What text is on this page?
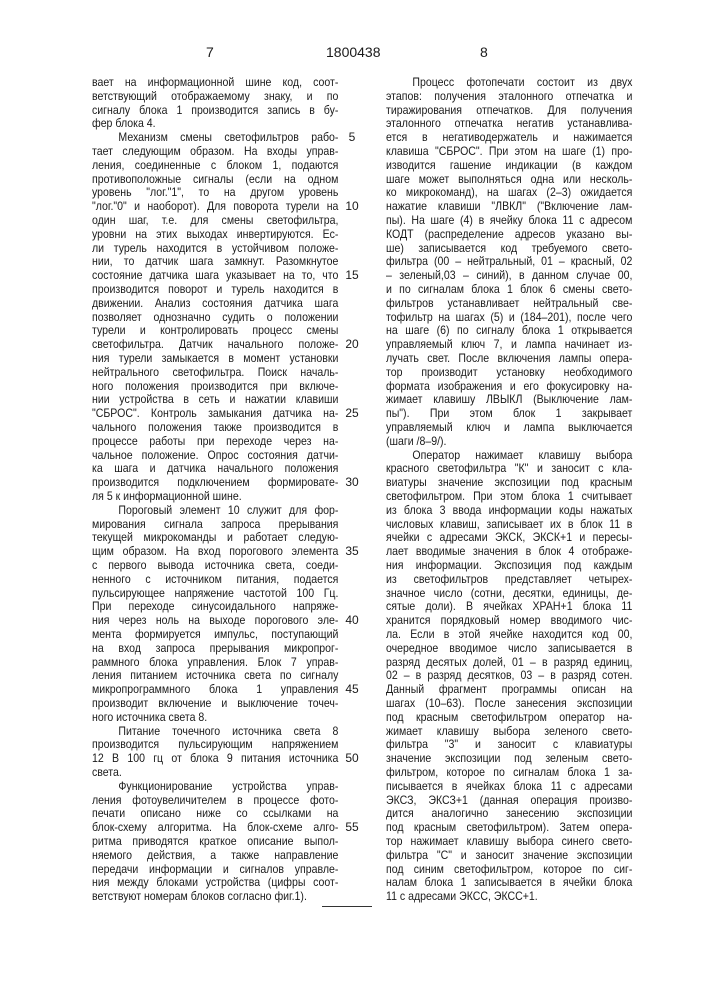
7	1800438	8
вает на информационной шине код, соот-
ветствующий отображаемому знаку, и по
сигналу блока 1 производится запись в бу-
фер блока 4.
Механизм смены светофильтров рабо-
тает следующим образом. На входы управ-
ления, соединенные с блоком 1, подаются
противоположные сигналы (если на одном
уровень "лог."1", то на другом уровень
"лог."0" и наоборот). Для поворота турели на
один шаг, т.е. для смены светофильтра,
уровни на этих выходах инвертируются. Ес-
ли турель находится в устойчивом положе-
нии, то датчик шага замкнут. Разомкнутое
состояние датчика шага указывает на то, что
производится поворот и турель находится в
движении. Анализ состояния датчика шага
позволяет однозначно судить о положении
турели и контролировать процесс смены
светофильтра. Датчик начального положе-
ния турели замыкается в момент установки
нейтрального светофильтра. Поиск началь-
ного положения производится при включе-
нии устройства в сеть и нажатии клавиши
"СБРОС". Контроль замыкания датчика на-
чального положения также производится в
процессе работы при переходе через на-
чальное положение. Опрос состояния датчи-
ка шага и датчика начального положения
производится подключением формировате-
ля 5 к информационной шине.
Пороговый элемент 10 служит для фор-
мирования сигнала запроса прерывания
текущей микрокоманды и работает следую-
щим образом. На вход порогового элемента
с первого вывода источника света, соеди-
ненного с источником питания, подается
пульсирующее напряжение частотой 100 Гц.
При переходе синусоидального напряже-
ния через ноль на выходе порогового эле-
мента формируется импульс, поступающий
на вход запроса прерывания микропрог-
раммного блока управления. Блок 7 управ-
ления питанием источника света по сигналу
микропрограммного блока 1 управления
производит включение и выключение точеч-
ного источника света 8.
Питание точечного источника света 8
производится пульсирующим напряжением
12 В 100 гц от блока 9 питания источника
света.
Функционирование устройства управ-
ления фотоувеличителем в процессе фото-
печати описано ниже со ссылками на
блок-схему алгоритма. На блок-схеме алго-
ритма приводятся краткое описание выпол-
няемого действия, а также направление
передачи информации и сигналов управле-
ния между блоками устройства (цифры соот-
ветствуют номерам блоков согласно фиг.1).
Процесс фотопечати состоит из двух
этапов: получения эталонного отпечатка и
тиражирования отпечатков. Для получения
эталонного отпечатка негатив устанавлива-
ется в негативодержатель и нажимается
клавиша "СБРОС". При этом на шаге (1) про-
изводится гашение индикации (в каждом
шаге может выполняться одна или несколь-
ко микрокоманд), на шагах (2–3) ожидается
нажатие клавиши "ЛВКЛ" ("Включение лам-
пы). На шаге (4) в ячейку блока 11 с адресом
КОДТ (распределение адресов указано вы-
ше) записывается код требуемого свето-
фильтра (00 – нейтральный, 01 – красный, 02
– зеленый,03 – синий), в данном случае 00,
и по сигналам блока 1 блок 6 смены свето-
фильтров устанавливает нейтральный све-
тофильтр на шагах (5) и (184–201), после чего
на шаге (6) по сигналу блока 1 открывается
управляемый ключ 7, и лампа начинает из-
лучать свет. После включения лампы опера-
тор производит установку необходимого
формата изображения и его фокусировку на-
жимает клавишу ЛВЫКЛ (Выключение лам-
пы"). При этом блок 1 закрывает
управляемый ключ и лампа выключается
(шаги /8–9/).
Оператор нажимает клавишу выбора
красного светофильтра "К" и заносит с кла-
виатуры значение экспозиции под красным
светофильтром. При этом блока 1 считывает
из блока 3 ввода информации коды нажатых
числовых клавиш, записывает их в блок 11 в
ячейки с адресами ЭКСК, ЭКСК+1 и пересы-
лает вводимые значения в блок 4 отображе-
ния информации. Экспозиция под каждым
из светофильтров представляет четырех-
значное число (сотни, десятки, единицы, де-
сятые доли). В ячейках ХРАН+1 блока 11
хранится порядковый номер вводимого чис-
ла. Если в этой ячейке находится код 00,
очередное вводимое число записывается в
разряд десятых долей, 01 – в разряд единиц,
02 – в разряд десятков, 03 – в разряд сотен.
Данный фрагмент программы описан на
шагах (10–63). После занесения экспозиции
под красным светофильтром оператор на-
жимает клавишу выбора зеленого свето-
фильтра "3" и заносит с клавиатуры
значение экспозиции под зеленым свето-
фильтром, которое по сигналам блока 1 за-
писывается в ячейках блока 11 с адресами
ЭКСЗ, ЭКСЗ+1 (данная операция произво-
дится аналогично занесению экспозиции
под красным светофильтром). Затем опера-
тор нажимает клавишу выбора синего свето-
фильтра "С" и заносит значение экспозиции
под синим светофильтром, которое по сиг-
налам блока 1 записывается в ячейки блока
11 с адресами ЭКСС, ЭКСС+1.
5
10
15
20
25
30
35
40
45
50
55
